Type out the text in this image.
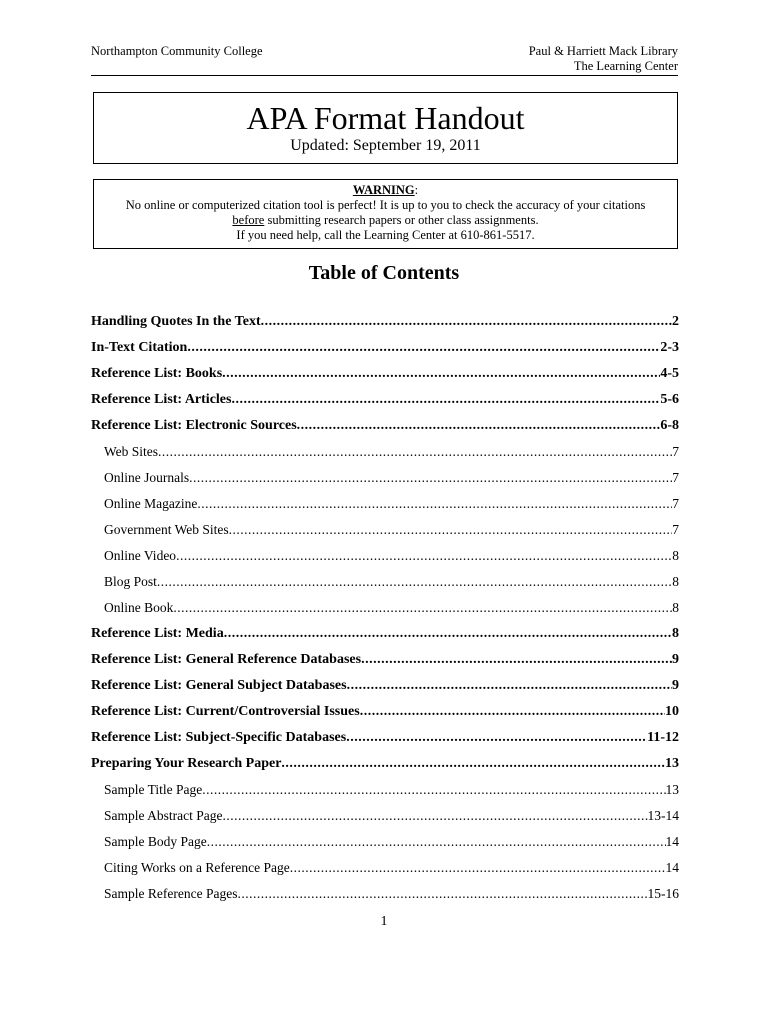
Northampton Community College	Paul & Harriett Mack Library
The Learning Center
APA Format Handout
Updated: September 19, 2011
WARNING:
No online or computerized citation tool is perfect! It is up to you to check the accuracy of your citations
before submitting research papers or other class assignments.
If you need help, call the Learning Center at 610-861-5517.
Table of Contents
Handling Quotes In the Text .....	2
In-Text Citation .....	2-3
Reference List: Books .....	4-5
Reference List: Articles .....	5-6
Reference List: Electronic Sources .....	6-8
Web Sites .....	7
Online Journals .....	7
Online Magazine .....	7
Government Web Sites .....	7
Online Video .....	8
Blog Post .....	8
Online Book .....	8
Reference List: Media .....	8
Reference List: General Reference Databases .....	9
Reference List: General Subject Databases .....	9
Reference List: Current/Controversial Issues .....	10
Reference List: Subject-Specific Databases .....	11-12
Preparing Your Research Paper .....	13
Sample Title Page .....	13
Sample Abstract Page .....	13-14
Sample Body Page .....	14
Citing Works on a Reference Page .....	14
Sample Reference Pages .....	15-16
1
